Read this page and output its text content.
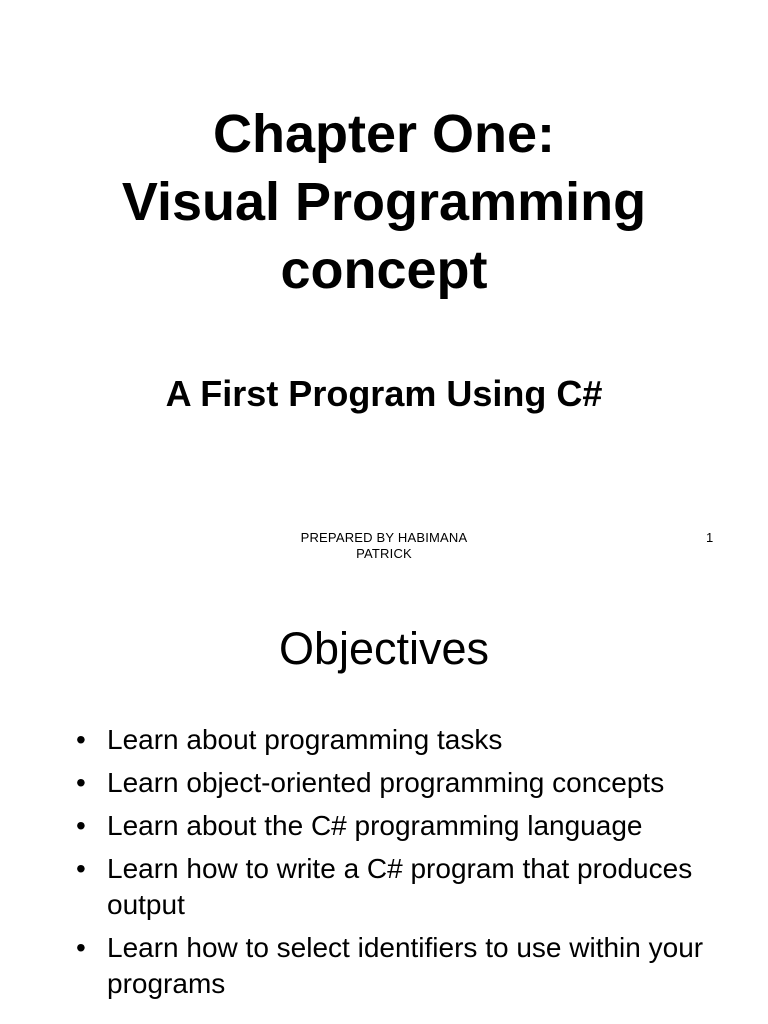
Chapter One:
Visual Programming
concept
A First Program Using C#
PREPARED BY HABIMANA
PATRICK
1
Objectives
• Learn about programming tasks
• Learn object-oriented programming concepts
• Learn about the C# programming language
• Learn how to write a C# program that produces output
• Learn how to select identifiers to use within your programs
